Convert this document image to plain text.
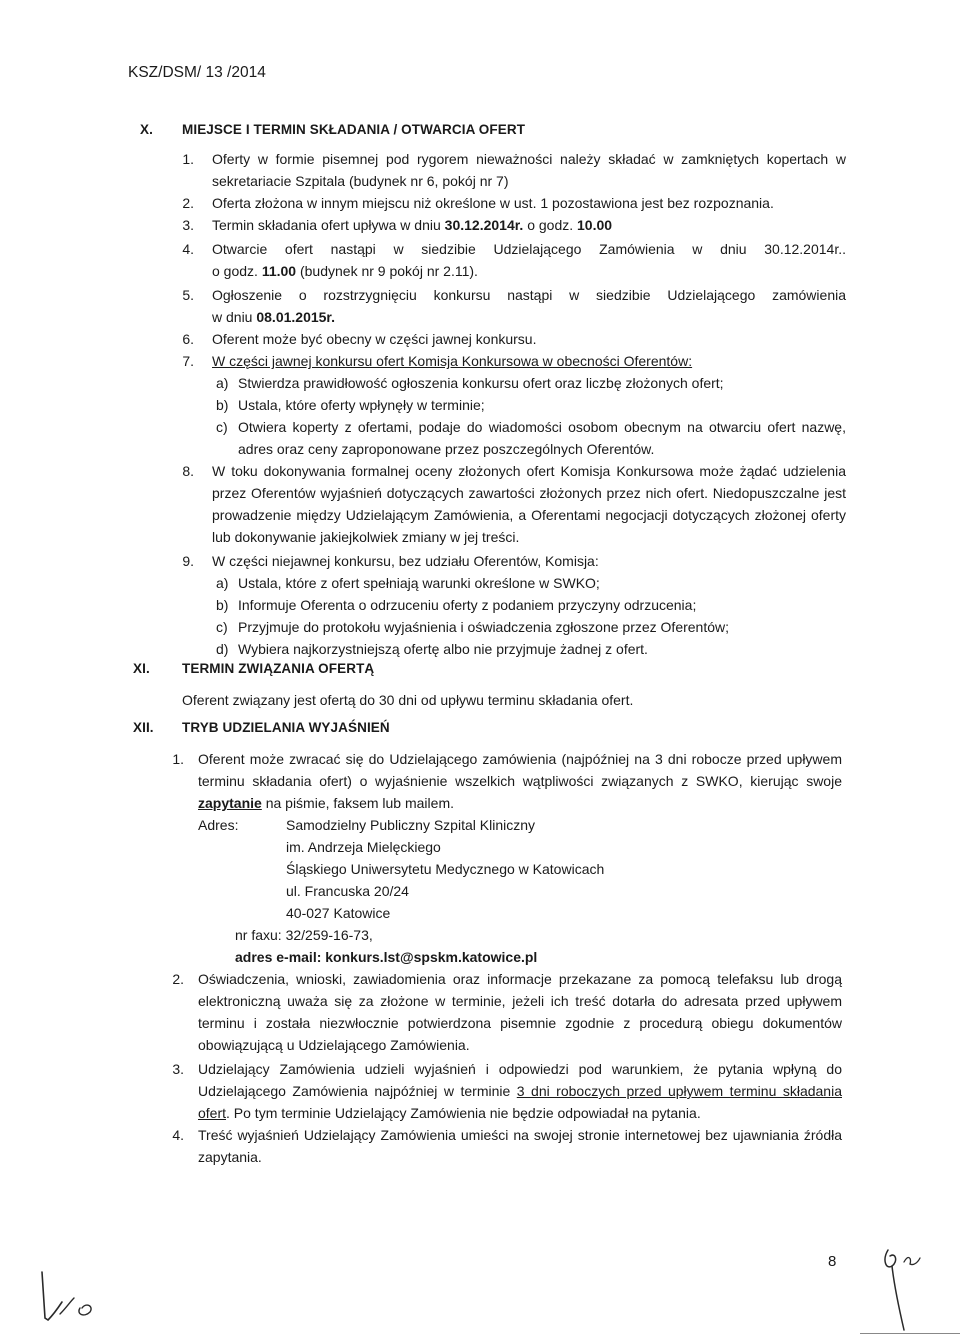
KSZ/DSM/ 13 /2014
X. MIEJSCE I TERMIN SKŁADANIA / OTWARCIA OFERT
1. Oferty w formie pisemnej pod rygorem nieważności należy składać w zamkniętych kopertach w sekretariacie Szpitala (budynek nr 6, pokój nr 7)
2. Oferta złożona w innym miejscu niż określone w ust. 1 pozostawiona jest bez rozpoznania.
3. Termin składania ofert upływa w dniu 30.12.2014r. o godz. 10.00
4. Otwarcie ofert nastąpi w siedzibie Udzielającego Zamówienia w dniu 30.12.2014r..
o godz. 11.00 (budynek nr 9 pokój nr 2.11).
5. Ogłoszenie o rozstrzygnięciu konkursu nastąpi w siedzibie Udzielającego zamówienia
w dniu 08.01.2015r.
6. Oferent może być obecny w części jawnej konkursu.
7. W części jawnej konkursu ofert Komisja Konkursowa w obecności Oferentów:
a) Stwierdza prawidłowość ogłoszenia konkursu ofert oraz liczbę złożonych ofert;
b) Ustala, które oferty wpłynęły w terminie;
c) Otwiera koperty z ofertami, podaje do wiadomości osobom obecnym na otwarciu ofert nazwę, adres oraz ceny zaproponowane przez poszczególnych Oferentów.
8. W toku dokonywania formalnej oceny złożonych ofert Komisja Konkursowa może żądać udzielenia przez Oferentów wyjaśnień dotyczących zawartości złożonych przez nich ofert. Niedopuszczalne jest prowadzenie między Udzielającym Zamówienia, a Oferentami negocjacji dotyczących złożonej oferty lub dokonywanie jakiejkolwiek zmiany w jej treści.
9. W części niejawnej konkursu, bez udziału Oferentów, Komisja:
a) Ustala, które z ofert spełniają warunki określone w SWKO;
b) Informuje Oferenta o odrzuceniu oferty z podaniem przyczyny odrzucenia;
c) Przyjmuje do protokołu wyjaśnienia i oświadczenia zgłoszone przez Oferentów;
d) Wybiera najkorzystniejszą ofertę albo nie przyjmuje żadnej z ofert.
XI. TERMIN ZWIĄZANIA OFERTĄ
Oferent związany jest ofertą do 30 dni od upływu terminu składania ofert.
XII. TRYB UDZIELANIA WYJAŚNIEŃ
1. Oferent może zwracać się do Udzielającego zamówienia (najpóźniej na 3 dni robocze przed upływem terminu składania ofert) o wyjaśnienie wszelkich wątpliwości związanych z SWKO, kierując swoje zapytanie na piśmie, faksem lub mailem.
Adres:	Samodzielny Publiczny Szpital Kliniczny
im. Andrzeja Mielęckiego
Śląskiego Uniwersytetu Medycznego w Katowicach
ul. Francuska 20/24
40-027 Katowice
nr faxu: 32/259-16-73,
adres e-mail: konkurs.lst@spskm.katowice.pl
2. Oświadczenia, wnioski, zawiadomienia oraz informacje przekazane za pomocą telefaksu lub drogą elektroniczną uważa się za złożone w terminie, jeżeli ich treść dotarła do adresata przed upływem terminu i została niezwłocznie potwierdzona pisemnie zgodnie z procedurą obiegu dokumentów obowiązującą u Udzielającego Zamówienia.
3. Udzielający Zamówienia udzieli wyjaśnień i odpowiedzi pod warunkiem, że pytania wpłyną do Udzielającego Zamówienia najpóźniej w terminie 3 dni roboczych przed upływem terminu składania ofert. Po tym terminie Udzielający Zamówienia nie będzie odpowiadał na pytania.
4. Treść wyjaśnień Udzielający Zamówienia umieści na swojej stronie internetowej bez ujawniania źródła zapytania.
8
